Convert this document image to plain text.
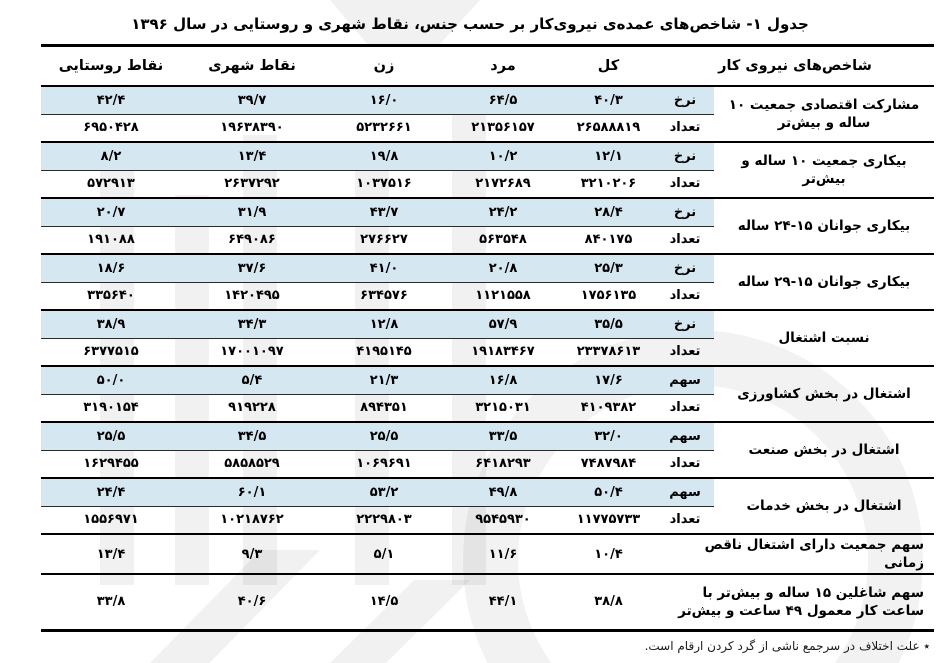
جدول ۱- شاخص‌های عمده‌ی نیروی‌کار بر حسب جنس، نقاط شهری و روستایی در سال ۱۳۹۶
شاخص‌های نیروی کار		کل	مرد	زن	نقاط شهری	نقاط روستایی
مشارکت اقتصادی جمعیت ۱۰ ساله و بیش‌تر	نرخ	۴۰/۳	۶۴/۵	۱۶/۰	۳۹/۷	۴۲/۴
	تعداد	۲۶۵۸۸۸۱۹	۲۱۳۵۶۱۵۷	۵۲۳۲۶۶۱	۱۹۶۳۸۳۹۰	۶۹۵۰۴۲۸
بیکاری جمعیت ۱۰ ساله و بیش‌تر	نرخ	۱۲/۱	۱۰/۲	۱۹/۸	۱۳/۴	۸/۲
	تعداد	۳۲۱۰۲۰۶	۲۱۷۲۶۸۹	۱۰۳۷۵۱۶	۲۶۳۷۲۹۲	۵۷۲۹۱۳
بیکاری جوانان ۱۵-۲۴ ساله	نرخ	۲۸/۴	۲۴/۲	۴۳/۷	۳۱/۹	۲۰/۷
	تعداد	۸۴۰۱۷۵	۵۶۳۵۴۸	۲۷۶۶۲۷	۶۴۹۰۸۶	۱۹۱۰۸۸
بیکاری جوانان ۱۵-۲۹ ساله	نرخ	۲۵/۳	۲۰/۸	۴۱/۰	۳۷/۶	۱۸/۶
	تعداد	۱۷۵۶۱۳۵	۱۱۲۱۵۵۸	۶۳۴۵۷۶	۱۴۲۰۴۹۵	۳۳۵۶۴۰
نسبت اشتغال	نرخ	۳۵/۵	۵۷/۹	۱۲/۸	۳۴/۳	۳۸/۹
	تعداد	۲۳۳۷۸۶۱۳	۱۹۱۸۳۴۶۷	۴۱۹۵۱۴۵	۱۷۰۰۱۰۹۷	۶۳۷۷۵۱۵
اشتغال در بخش کشاورزی	سهم	۱۷/۶	۱۶/۸	۲۱/۳	۵/۴	۵۰/۰
	تعداد	۴۱۰۹۳۸۲	۳۲۱۵۰۳۱	۸۹۴۳۵۱	۹۱۹۲۲۸	۳۱۹۰۱۵۴
اشتغال در بخش صنعت	سهم	۳۲/۰	۳۳/۵	۲۵/۵	۳۴/۵	۲۵/۵
	تعداد	۷۴۸۷۹۸۴	۶۴۱۸۲۹۳	۱۰۶۹۶۹۱	۵۸۵۸۵۲۹	۱۶۲۹۴۵۵
اشتغال در بخش خدمات	سهم	۵۰/۴	۴۹/۸	۵۳/۲	۶۰/۱	۲۴/۴
	تعداد	۱۱۷۷۵۷۳۳	۹۵۴۵۹۳۰	۲۲۲۹۸۰۳	۱۰۲۱۸۷۶۲	۱۵۵۶۹۷۱
سهم جمعیت دارای اشتغال ناقص زمانی		۱۰/۴	۱۱/۶	۵/۱	۹/۳	۱۳/۴
سهم شاغلین ۱۵ ساله و بیش‌تر با ساعت کار معمول ۴۹ ساعت و بیش‌تر		۳۸/۸	۴۴/۱	۱۴/۵	۴۰/۶	۳۳/۸
٭ علت اختلاف در سرجمع ناشی از گرد کردن ارقام است.
